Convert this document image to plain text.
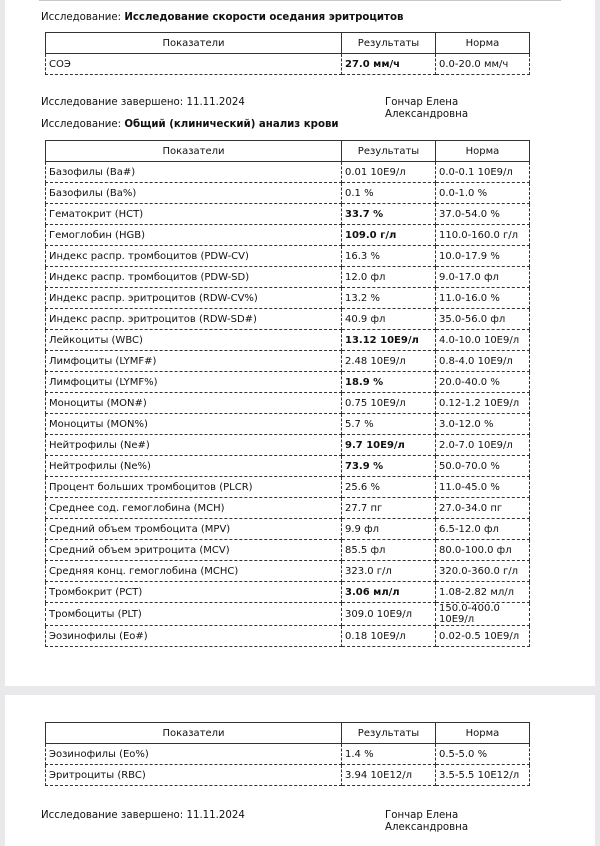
Исследование: Исследование скорости оседания эритроцитов
Показатели	Результаты	Норма
СОЭ	27.0 мм/ч	0.0-20.0 мм/ч
Исследование завершено: 11.11.2024	Гончар Елена Александровна
Исследование: Общий (клинический) анализ крови
Показатели	Результаты	Норма
Базофилы (Ba#)	0.01 10E9/л	0.0-0.1 10E9/л
Базофилы (Ba%)	0.1 %	0.0-1.0 %
Гематокрит (HCT)	33.7 %	37.0-54.0 %
Гемоглобин (HGB)	109.0 г/л	110.0-160.0 г/л
Индекс распр. тромбоцитов (PDW-CV)	16.3 %	10.0-17.9 %
Индекс распр. тромбоцитов (PDW-SD)	12.0 фл	9.0-17.0 фл
Индекс распр. эритроцитов (RDW-CV%)	13.2 %	11.0-16.0 %
Индекс распр. эритроцитов (RDW-SD#)	40.9 фл	35.0-56.0 фл
Лейкоциты (WBC)	13.12 10E9/л	4.0-10.0 10E9/л
Лимфоциты (LYMF#)	2.48 10E9/л	0.8-4.0 10E9/л
Лимфоциты (LYMF%)	18.9 %	20.0-40.0 %
Моноциты (MON#)	0.75 10E9/л	0.12-1.2 10E9/л
Моноциты (MON%)	5.7 %	3.0-12.0 %
Нейтрофилы (Ne#)	9.7 10E9/л	2.0-7.0 10E9/л
Нейтрофилы (Ne%)	73.9 %	50.0-70.0 %
Процент больших тромбоцитов (PLCR)	25.6 %	11.0-45.0 %
Среднее сод. гемоглобина (MCH)	27.7 пг	27.0-34.0 пг
Средний объем тромбоцита (MPV)	9.9 фл	6.5-12.0 фл
Средний объем эритроцита (MCV)	85.5 фл	80.0-100.0 фл
Средняя конц. гемоглобина (MCHC)	323.0 г/л	320.0-360.0 г/л
Тромбокрит (PCT)	3.06 мл/л	1.08-2.82 мл/л
Тромбоциты (PLT)	309.0 10E9/л	150.0-400.0 10E9/л
Эозинофилы (Eo#)	0.18 10E9/л	0.02-0.5 10E9/л
Показатели	Результаты	Норма
Эозинофилы (Eo%)	1.4 %	0.5-5.0 %
Эритроциты (RBC)	3.94 10E12/л	3.5-5.5 10E12/л
Исследование завершено: 11.11.2024	Гончар Елена Александровна
